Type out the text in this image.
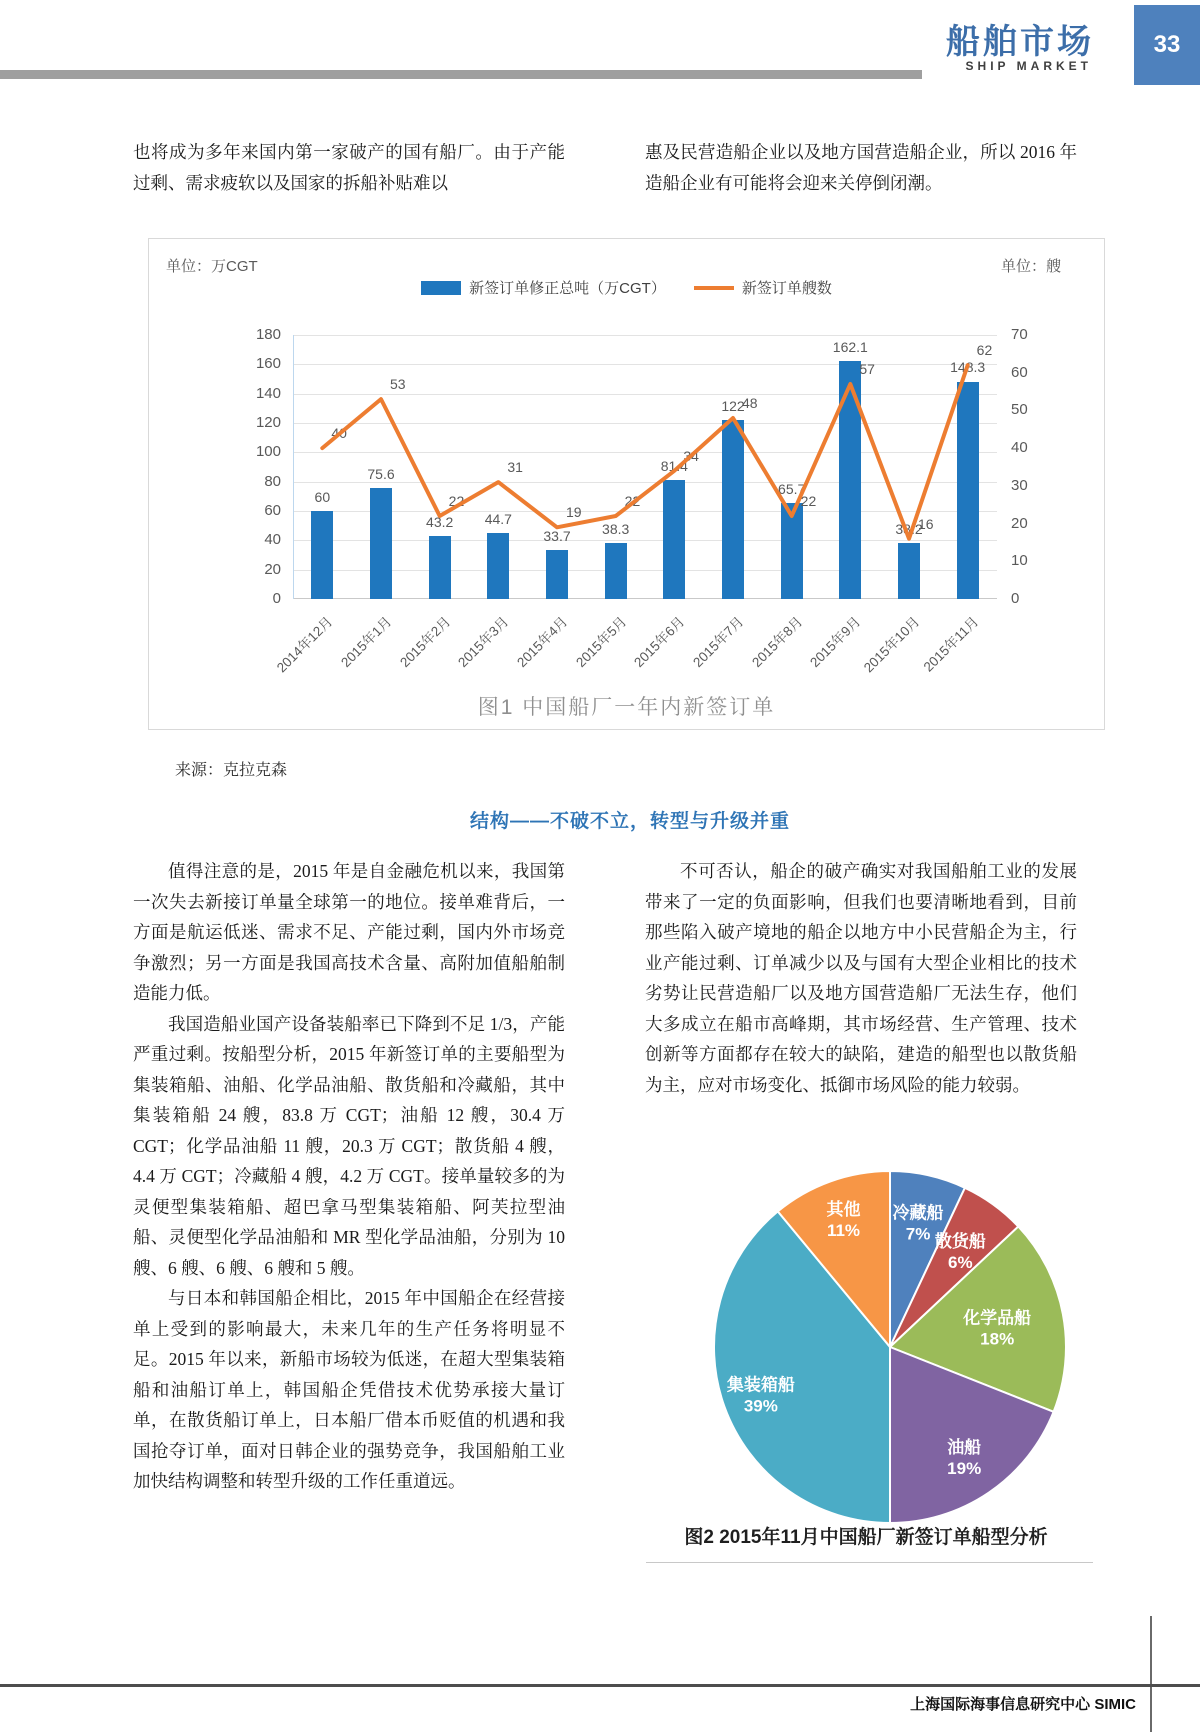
船舶市场
SHIP MARKET
33
也将成为多年来国内第一家破产的国有船厂。由于产能过剩、需求疲软以及国家的拆船补贴难以
惠及民营造船企业以及地方国营造船企业，所以 2016 年造船企业有可能将会迎来关停倒闭潮。
单位：万CGT	单位：艘
新签订单修正总吨（万CGT）	新签订单艘数
0
20
40
60
80
100
120
140
160
180
0
10
20
30
40
50
60
70
60
40
2014年12月
75.6
53
2015年1月
43.2
22
2015年2月
44.7
31
2015年3月
33.7
19
2015年4月
38.3
22
2015年5月
81.4
34
2015年6月
122
48
2015年7月
65.7
22
2015年8月
162.1
57
2015年9月
38.2
16
2015年10月
148.3
62
2015年11月
图1 中国船厂一年内新签订单
来源：克拉克森
结构——不破不立，转型与升级并重

值得注意的是，2015 年是自金融危机以来，我国第一次失去新接订单量全球第一的地位。接单难背后，一方面是航运低迷、需求不足、产能过剩，国内外市场竞争激烈；另一方面是我国高技术含量、高附加值船舶制造能力低。

我国造船业国产设备装船率已下降到不足 1/3，产能严重过剩。按船型分析，2015 年新签订单的主要船型为集装箱船、油船、化学品油船、散货船和冷藏船，其中集装箱船 24 艘，83.8 万 CGT；油船 12 艘，30.4 万 CGT；化学品油船 11 艘，20.3 万 CGT；散货船 4 艘，4.4 万 CGT；冷藏船 4 艘，4.2 万 CGT。接单量较多的为灵便型集装箱船、超巴拿马型集装箱船、阿芙拉型油船、灵便型化学品油船和 MR 型化学品油船，分别为 10 艘、6 艘、6 艘、6 艘和 5 艘。

与日本和韩国船企相比，2015 年中国船企在经营接单上受到的影响最大，未来几年的生产任务将明显不足。2015 年以来，新船市场较为低迷，在超大型集装箱船和油船订单上，韩国船企凭借技术优势承接大量订单，在散货船订单上，日本船厂借本币贬值的机遇和我国抢夺订单，面对日韩企业的强势竞争，我国船舶工业加快结构调整和转型升级的工作任重道远。

不可否认，船企的破产确实对我国船舶工业的发展带来了一定的负面影响，但我们也要清晰地看到，目前那些陷入破产境地的船企以地方中小民营船企为主，行业产能过剩、订单减少以及与国有大型企业相比的技术劣势让民营造船厂以及地方国营造船厂无法生存，他们大多成立在船市高峰期，其市场经营、生产管理、技术创新等方面都存在较大的缺陷，建造的船型也以散货船为主，应对市场变化、抵御市场风险的能力较弱。

冷藏船 7% 散货船 6%
化学品船 18%
油船 19%
集装箱船 39%
其他 11%
图2 2015年11月中国船厂新签订单船型分析
上海国际海事信息研究中心 SIMIC
